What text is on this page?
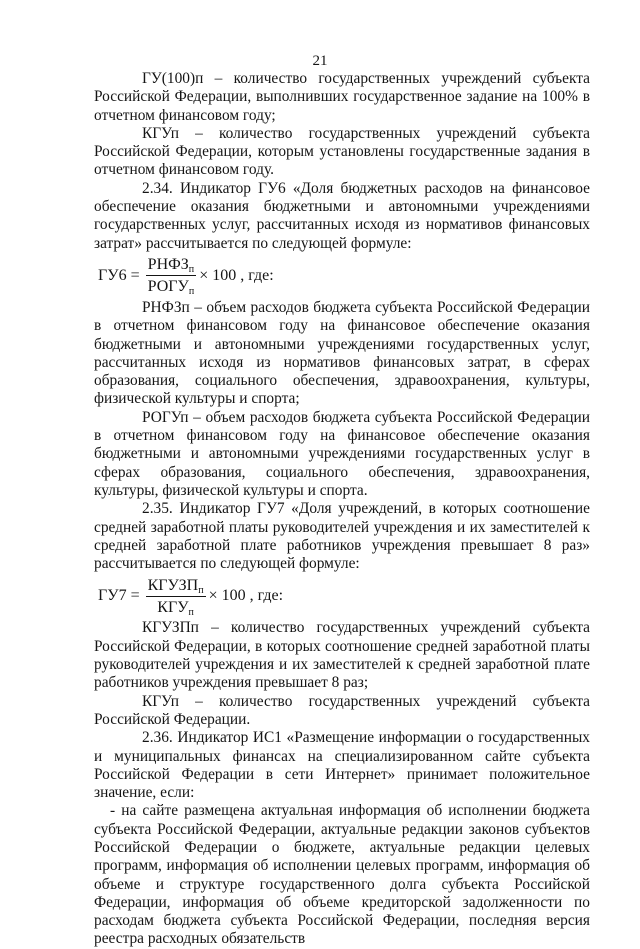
21

ГУ(100)п – количество государственных учреждений субъекта Российской Федерации, выполнивших государственное задание на 100% в отчетном финансовом году;

КГУп – количество государственных учреждений субъекта Российской Федерации, которым установлены государственные задания в отчетном финансовом году.

2.34. Индикатор ГУ6 «Доля бюджетных расходов на финансовое обеспечение оказания бюджетными и автономными учреждениями государственных услуг, рассчитанных исходя из нормативов финансовых затрат» рассчитывается по следующей формуле:

$ГУ6 = \frac{РНФЗ_п}{РОГУ_п} \times 100$ , где:

РНФЗп – объем расходов бюджета субъекта Российской Федерации в отчетном финансовом году на финансовое обеспечение оказания бюджетными и автономными учреждениями государственных услуг, рассчитанных исходя из нормативов финансовых затрат, в сферах образования, социального обеспечения, здравоохранения, культуры, физической культуры и спорта;

РОГУп – объем расходов бюджета субъекта Российской Федерации в отчетном финансовом году на финансовое обеспечение оказания бюджетными и автономными учреждениями государственных услуг в сферах образования, социального обеспечения, здравоохранения, культуры, физической культуры и спорта.

2.35. Индикатор ГУ7 «Доля учреждений, в которых соотношение средней заработной платы руководителей учреждения и их заместителей к средней заработной плате работников учреждения превышает 8 раз» рассчитывается по следующей формуле:

$ГУ7 = \frac{КГУЗП_п}{КГУ_п} \times 100$ , где:

КГУЗПп – количество государственных учреждений субъекта Российской Федерации, в которых соотношение средней заработной платы руководителей учреждения и их заместителей к средней заработной плате работников учреждения превышает 8 раз;

КГУп – количество государственных учреждений субъекта Российской Федерации.

2.36. Индикатор ИС1 «Размещение информации о государственных и муниципальных финансах на специализированном сайте субъекта Российской Федерации в сети Интернет» принимает положительное значение, если:

- на сайте размещена актуальная информация об исполнении бюджета субъекта Российской Федерации, актуальные редакции законов субъектов Российской Федерации о бюджете, актуальные редакции целевых программ, информация об исполнении целевых программ, информация об объеме и структуре государственного долга субъекта Российской Федерации, информация об объеме кредиторской задолженности по расходам бюджета субъекта Российской Федерации, последняя версия реестра расходных обязательств
